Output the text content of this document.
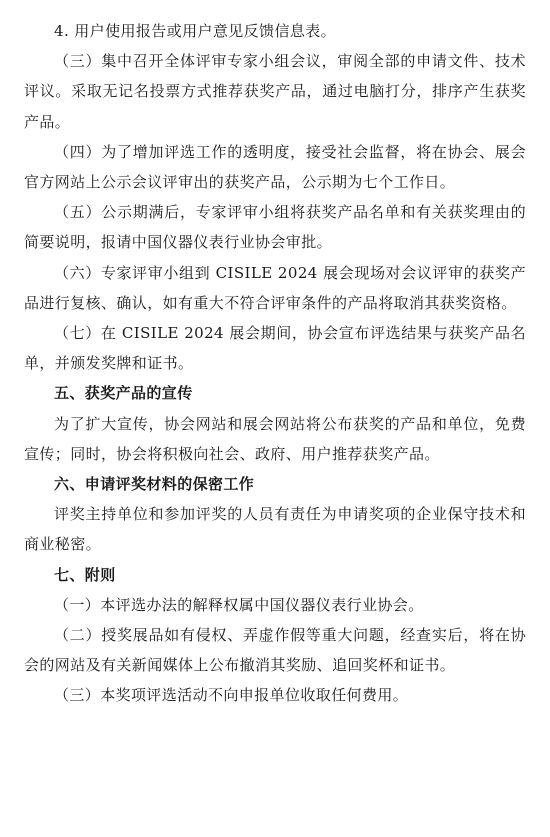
4. 用户使用报告或用户意见反馈信息表。

（三）集中召开全体评审专家小组会议，审阅全部的申请文件、技术评议。采取无记名投票方式推荐获奖产品，通过电脑打分，排序产生获奖产品。

（四）为了增加评选工作的透明度，接受社会监督，将在协会、展会官方网站上公示会议评审出的获奖产品，公示期为七个工作日。

（五）公示期满后，专家评审小组将获奖产品名单和有关获奖理由的简要说明，报请中国仪器仪表行业协会审批。

（六）专家评审小组到 CISILE 2024 展会现场对会议评审的获奖产品进行复核、确认，如有重大不符合评审条件的产品将取消其获奖资格。

（七）在 CISILE 2024 展会期间，协会宣布评选结果与获奖产品名单，并颁发奖牌和证书。

五、获奖产品的宣传

为了扩大宣传，协会网站和展会网站将公布获奖的产品和单位，免费宣传；同时，协会将积极向社会、政府、用户推荐获奖产品。

六、申请评奖材料的保密工作

评奖主持单位和参加评奖的人员有责任为申请奖项的企业保守技术和商业秘密。

七、附则

（一）本评选办法的解释权属中国仪器仪表行业协会。

（二）授奖展品如有侵权、弄虚作假等重大问题，经查实后，将在协会的网站及有关新闻媒体上公布撤消其奖励、追回奖杯和证书。

（三）本奖项评选活动不向申报单位收取任何费用。
